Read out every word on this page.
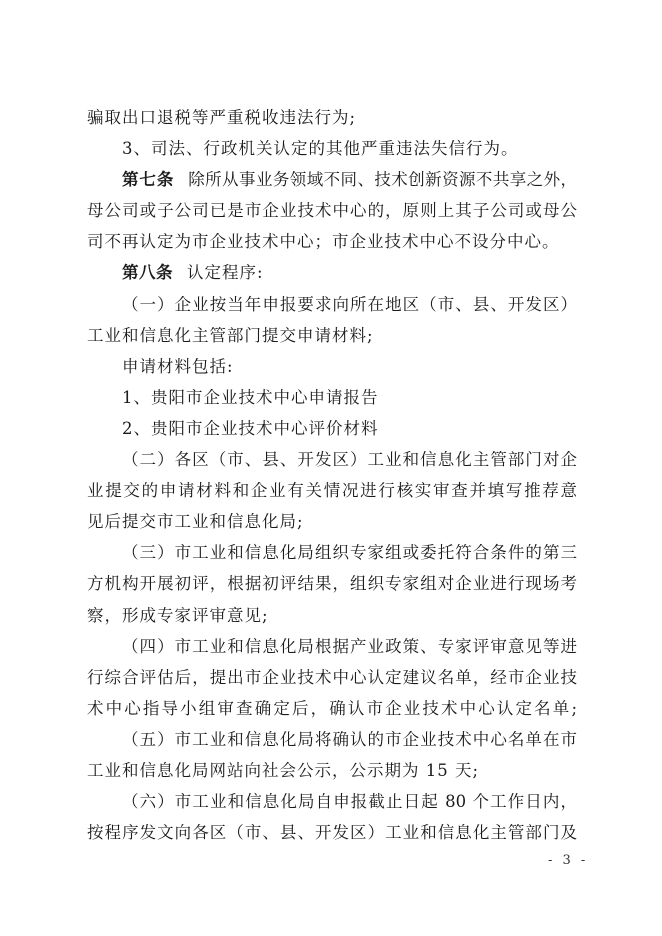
骗取出口退税等严重税收违法行为;
3、司法、行政机关认定的其他严重违法失信行为。
第七条 除所从事业务领域不同、技术创新资源不共享之外，
母公司或子公司已是市企业技术中心的，原则上其子公司或母公
司不再认定为市企业技术中心；市企业技术中心不设分中心。
第八条 认定程序:
（一）企业按当年申报要求向所在地区（市、县、开发区）
工业和信息化主管部门提交申请材料;
申请材料包括:
1、贵阳市企业技术中心申请报告
2、贵阳市企业技术中心评价材料
（二）各区（市、县、开发区）工业和信息化主管部门对企
业提交的申请材料和企业有关情况进行核实审查并填写推荐意
见后提交市工业和信息化局;
（三）市工业和信息化局组织专家组或委托符合条件的第三
方机构开展初评，根据初评结果，组织专家组对企业进行现场考
察，形成专家评审意见;
（四）市工业和信息化局根据产业政策、专家评审意见等进
行综合评估后，提出市企业技术中心认定建议名单，经市企业技
术中心指导小组审查确定后，确认市企业技术中心认定名单;
（五）市工业和信息化局将确认的市企业技术中心名单在市
工业和信息化局网站向社会公示，公示期为 15 天;
（六）市工业和信息化局自申报截止日起 80 个工作日内，
按程序发文向各区（市、县、开发区）工业和信息化主管部门及
- 3 -
